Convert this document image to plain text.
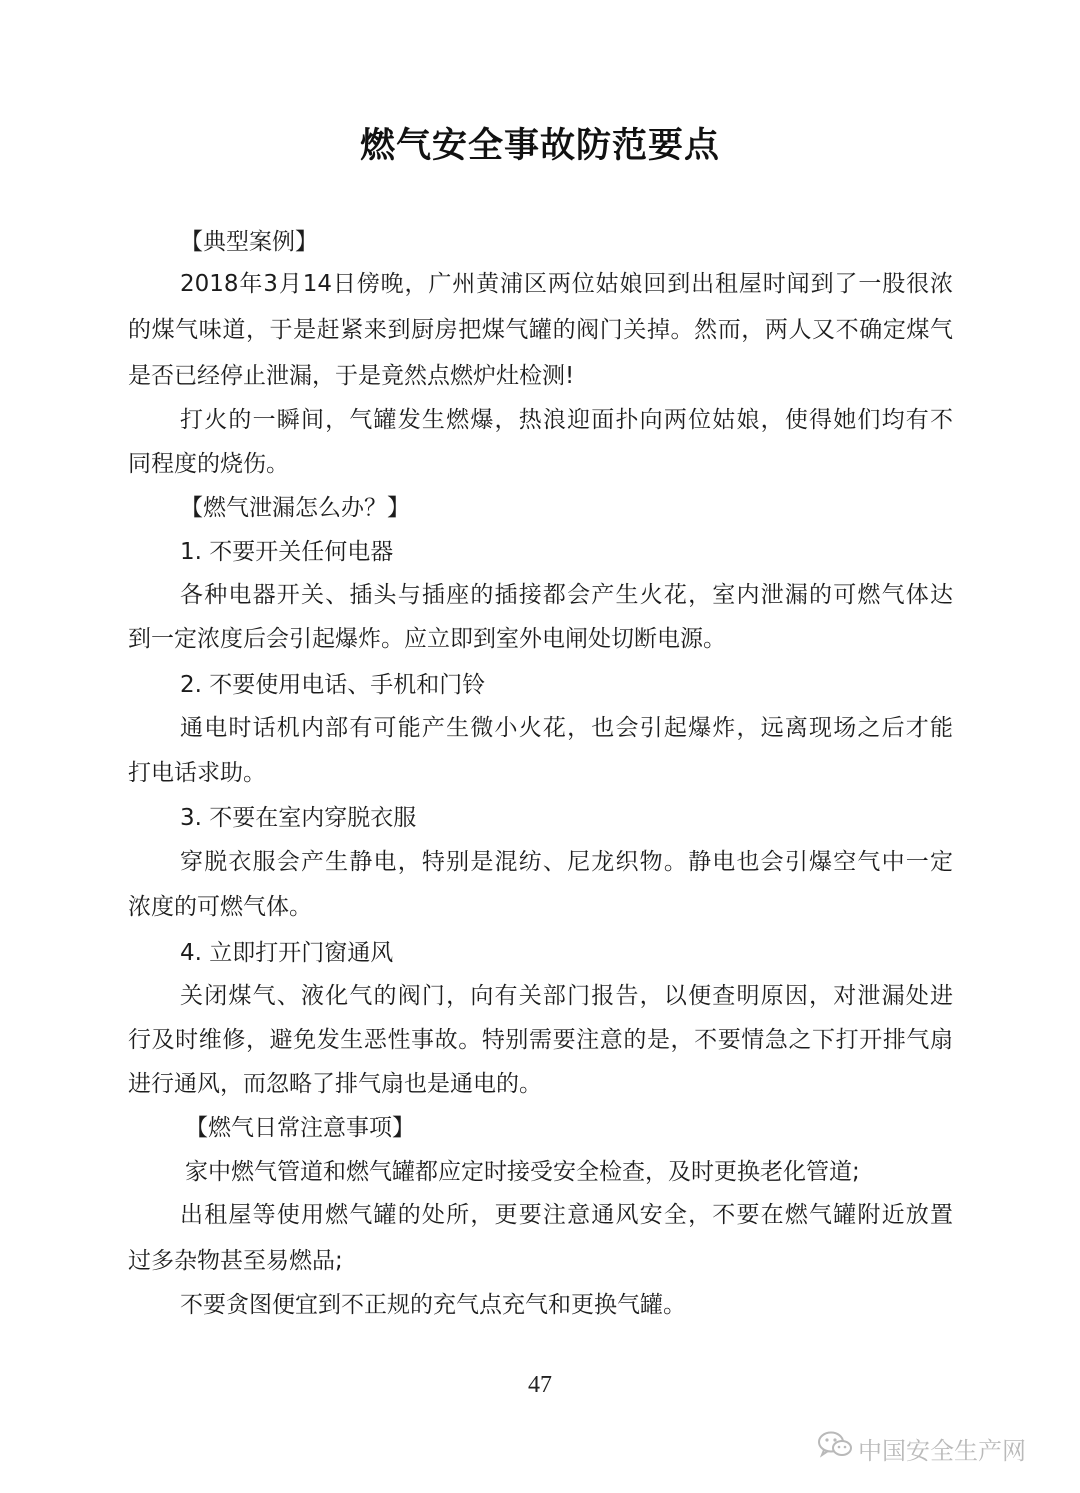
燃气安全事故防范要点
【典型案例】
2018年3月14日傍晚，广州黄浦区两位姑娘回到出租屋时闻到了一股很浓
的煤气味道，于是赶紧来到厨房把煤气罐的阀门关掉。然而，两人又不确定煤气
是否已经停止泄漏，于是竟然点燃炉灶检测!
打火的一瞬间，气罐发生燃爆，热浪迎面扑向两位姑娘，使得她们均有不
同程度的烧伤。
【燃气泄漏怎么办？】
1. 不要开关任何电器
各种电器开关、插头与插座的插接都会产生火花，室内泄漏的可燃气体达
到一定浓度后会引起爆炸。应立即到室外电闸处切断电源。
2. 不要使用电话、手机和门铃
通电时话机内部有可能产生微小火花，也会引起爆炸，远离现场之后才能
打电话求助。
3. 不要在室内穿脱衣服
穿脱衣服会产生静电，特别是混纺、尼龙织物。静电也会引爆空气中一定
浓度的可燃气体。
4. 立即打开门窗通风
关闭煤气、液化气的阀门，向有关部门报告，以便查明原因，对泄漏处进
行及时维修，避免发生恶性事故。特别需要注意的是，不要情急之下打开排气扇
进行通风，而忽略了排气扇也是通电的。
【燃气日常注意事项】
家中燃气管道和燃气罐都应定时接受安全检查，及时更换老化管道;
出租屋等使用燃气罐的处所，更要注意通风安全，不要在燃气罐附近放置
过多杂物甚至易燃品;
不要贪图便宜到不正规的充气点充气和更换气罐。
47
中国安全生产网
